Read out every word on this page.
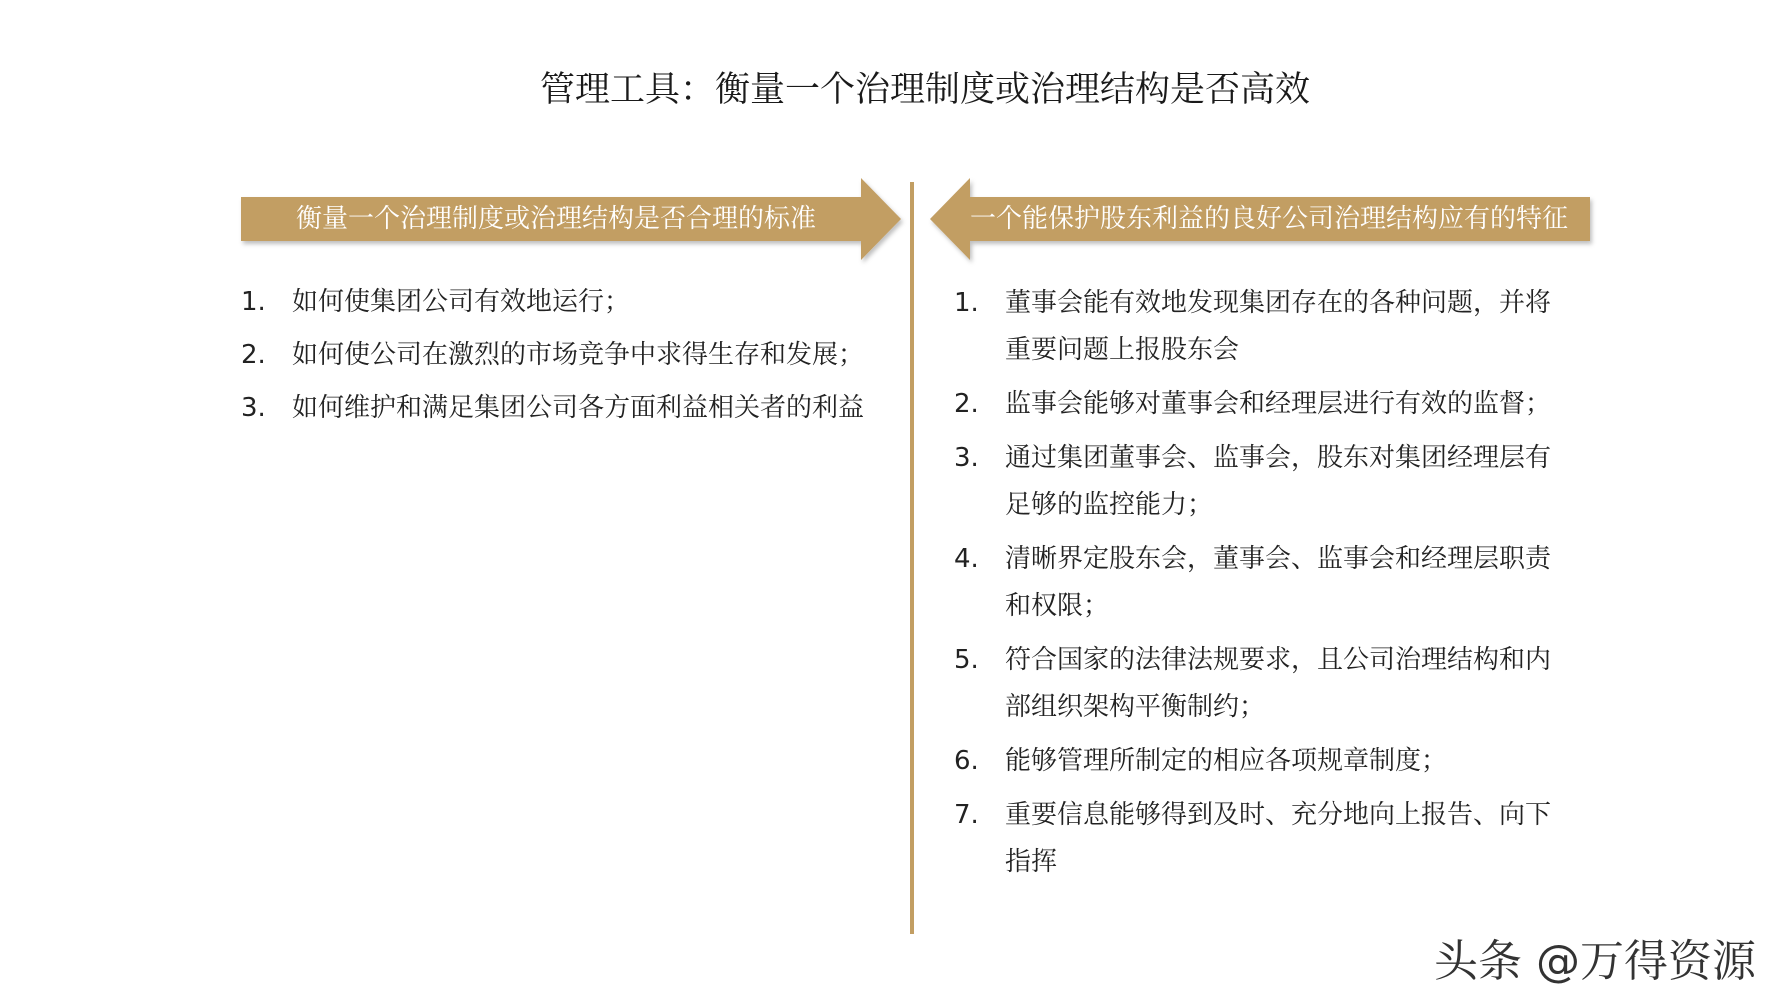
管理工具：衡量一个治理制度或治理结构是否高效
衡量一个治理制度或治理结构是否合理的标准	一个能保护股东利益的良好公司治理结构应有的特征
1. 如何使集团公司有效地运行；
2. 如何使公司在激烈的市场竞争中求得生存和发展；
3. 如何维护和满足集团公司各方面利益相关者的利益
1. 董事会能有效地发现集团存在的各种问题，并将重要问题上报股东会
2. 监事会能够对董事会和经理层进行有效的监督；
3. 通过集团董事会、监事会，股东对集团经理层有足够的监控能力；
4. 清晰界定股东会，董事会、监事会和经理层职责和权限；
5. 符合国家的法律法规要求，且公司治理结构和内部组织架构平衡制约；
6. 能够管理所制定的相应各项规章制度；
7. 重要信息能够得到及时、充分地向上报告、向下指挥
头条 @万得资源
